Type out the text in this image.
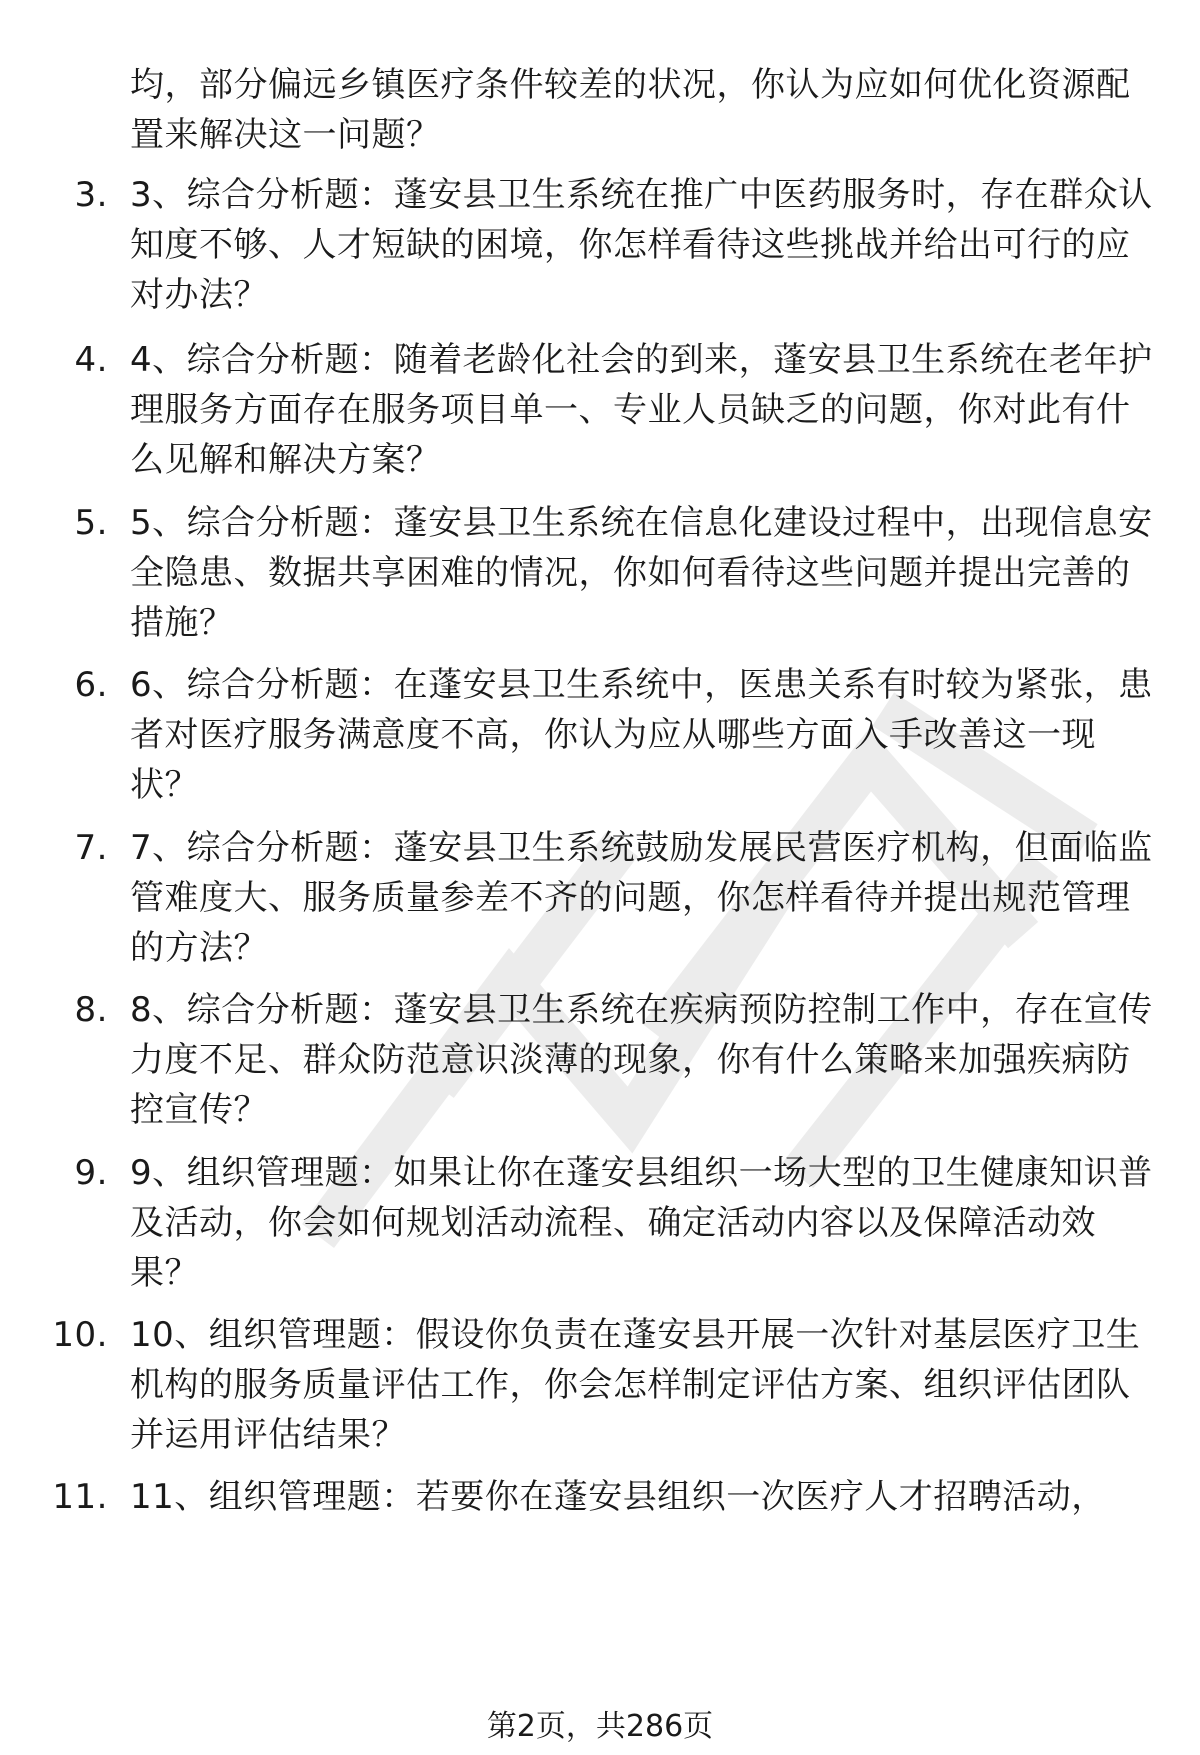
均，部分偏远乡镇医疗条件较差的状况，你认为应如何优化资源配置来解决这一问题？
3. 3、综合分析题：蓬安县卫生系统在推广中医药服务时，存在群众认知度不够、人才短缺的困境，你怎样看待这些挑战并给出可行的应对办法？
4. 4、综合分析题：随着老龄化社会的到来，蓬安县卫生系统在老年护理服务方面存在服务项目单一、专业人员缺乏的问题，你对此有什么见解和解决方案？
5. 5、综合分析题：蓬安县卫生系统在信息化建设过程中，出现信息安全隐患、数据共享困难的情况，你如何看待这些问题并提出完善的措施？
6. 6、综合分析题：在蓬安县卫生系统中，医患关系有时较为紧张，患者对医疗服务满意度不高，你认为应从哪些方面入手改善这一现状？
7. 7、综合分析题：蓬安县卫生系统鼓励发展民营医疗机构，但面临监管难度大、服务质量参差不齐的问题，你怎样看待并提出规范管理的方法？
8. 8、综合分析题：蓬安县卫生系统在疾病预防控制工作中，存在宣传力度不足、群众防范意识淡薄的现象，你有什么策略来加强疾病防控宣传？
9. 9、组织管理题：如果让你在蓬安县组织一场大型的卫生健康知识普及活动，你会如何规划活动流程、确定活动内容以及保障活动效果？
10. 10、组织管理题：假设你负责在蓬安县开展一次针对基层医疗卫生机构的服务质量评估工作，你会怎样制定评估方案、组织评估团队并运用评估结果？
11. 11、组织管理题：若要你在蓬安县组织一次医疗人才招聘活动，
第2页，共286页
